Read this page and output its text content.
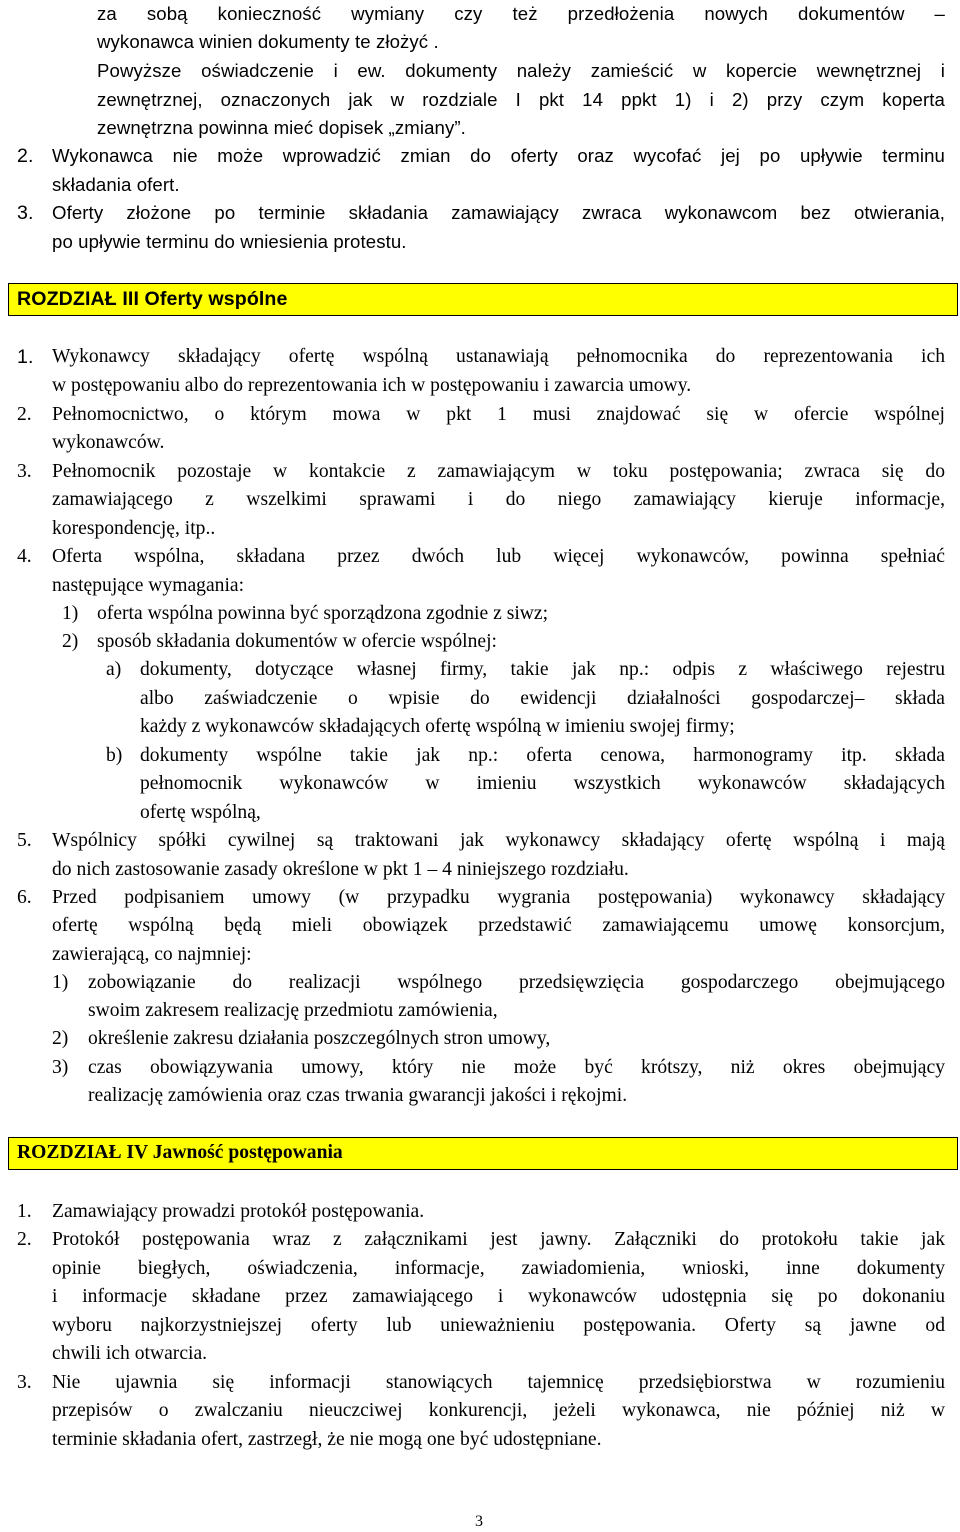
za sobą konieczność wymiany czy też przedłożenia nowych dokumentów –
wykonawca winien dokumenty te złożyć .
Powyższe oświadczenie i ew. dokumenty należy zamieścić w kopercie wewnętrznej i
zewnętrznej, oznaczonych jak w rozdziale I pkt 14 ppkt 1) i 2) przy czym koperta
zewnętrzna powinna mieć dopisek „zmiany”.
2. Wykonawca nie może wprowadzić zmian do oferty oraz wycofać jej po upływie terminu
składania ofert.
3. Oferty złożone po terminie składania zamawiający zwraca wykonawcom bez otwierania,
po upływie terminu do wniesienia protestu.
ROZDZIAŁ III Oferty wspólne
1. Wykonawcy składający ofertę wspólną ustanawiają pełnomocnika do reprezentowania ich
w postępowaniu albo do reprezentowania ich w postępowaniu i zawarcia umowy.
2. Pełnomocnictwo, o którym mowa w pkt 1 musi znajdować się w ofercie wspólnej
wykonawców.
3. Pełnomocnik pozostaje w kontakcie z zamawiającym w toku postępowania; zwraca się do
zamawiającego z wszelkimi sprawami i do niego zamawiający kieruje informacje,
korespondencję, itp..
4. Oferta wspólna, składana przez dwóch lub więcej wykonawców, powinna spełniać
następujące wymagania:
1) oferta wspólna powinna być sporządzona zgodnie z siwz;
2) sposób składania dokumentów w ofercie wspólnej:
a) dokumenty, dotyczące własnej firmy, takie jak np.: odpis z właściwego rejestru
albo zaświadczenie o wpisie do ewidencji działalności gospodarczej– składa
każdy z wykonawców składających ofertę wspólną w imieniu swojej firmy;
b) dokumenty wspólne takie jak np.: oferta cenowa, harmonogramy itp. składa
pełnomocnik wykonawców w imieniu wszystkich wykonawców składających
ofertę wspólną,
5. Wspólnicy spółki cywilnej są traktowani jak wykonawcy składający ofertę wspólną i mają
do nich zastosowanie zasady określone w pkt 1 – 4 niniejszego rozdziału.
6. Przed podpisaniem umowy (w przypadku wygrania postępowania) wykonawcy składający
ofertę wspólną będą mieli obowiązek przedstawić zamawiającemu umowę konsorcjum,
zawierającą, co najmniej:
1) zobowiązanie do realizacji wspólnego przedsięwzięcia gospodarczego obejmującego
swoim zakresem realizację przedmiotu zamówienia,
2) określenie zakresu działania poszczególnych stron umowy,
3) czas obowiązywania umowy, który nie może być krótszy, niż okres obejmujący
realizację zamówienia oraz czas trwania gwarancji jakości i rękojmi.
ROZDZIAŁ IV Jawność postępowania
1. Zamawiający prowadzi protokół postępowania.
2. Protokół postępowania wraz z załącznikami jest jawny. Załączniki do protokołu takie jak
opinie biegłych, oświadczenia, informacje, zawiadomienia, wnioski, inne dokumenty
i informacje składane przez zamawiającego i wykonawców udostępnia się po dokonaniu
wyboru najkorzystniejszej oferty lub unieważnieniu postępowania. Oferty są jawne od
chwili ich otwarcia.
3. Nie ujawnia się informacji stanowiących tajemnicę przedsiębiorstwa w rozumieniu
przepisów o zwalczaniu nieuczciwej konkurencji, jeżeli wykonawca, nie później niż w
terminie składania ofert, zastrzegł, że nie mogą one być udostępniane.
3
